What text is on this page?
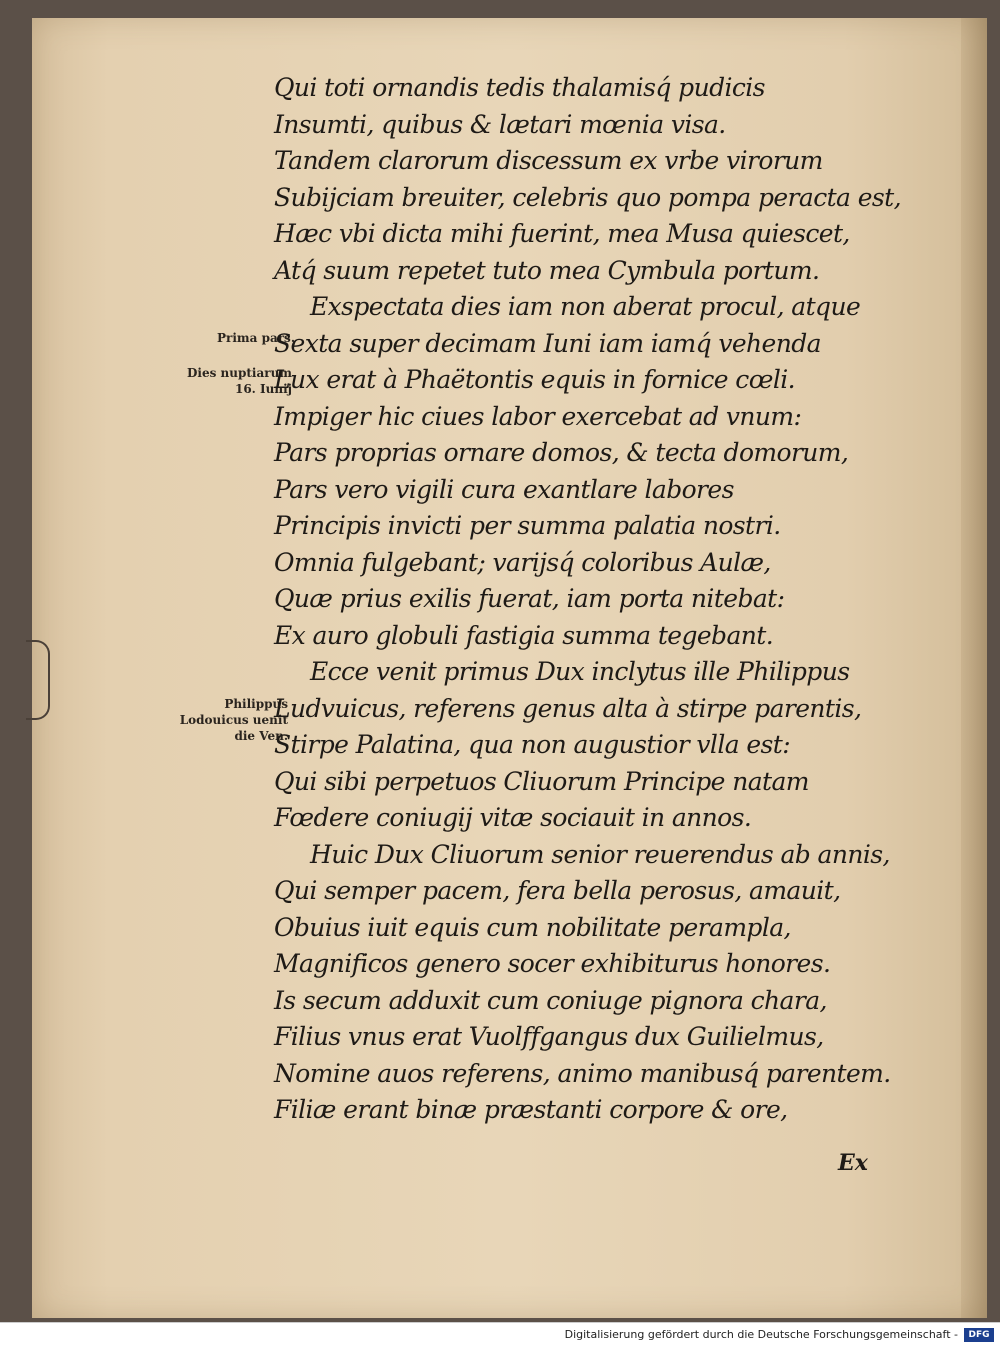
Prima pars.
Dies nuptiarum 16. Iunij
Philippus Lodouicus uenit die Ven.
Qui toti ornandis tedis thalamisq́ pudicis
Insumti, quibus & lætari mœnia visa.
Tandem clarorum discessum ex vrbe virorum
Subijciam breuiter, celebris quo pompa peracta est,
Hæc vbi dicta mihi fuerint, mea Musa quiescet,
Atq́ suum repetet tuto mea Cymbula portum.
Exspectata dies iam non aberat procul, atque
Sexta super decimam Iuni iam iamq́ vehenda
Lux erat à Phaëtontis equis in fornice cœli.
Impiger hic ciues labor exercebat ad vnum:
Pars proprias ornare domos, & tecta domorum,
Pars vero vigili cura exantlare labores
Principis invicti per summa palatia nostri.
Omnia fulgebant; varijsq́ coloribus Aulæ,
Quæ prius exilis fuerat, iam porta nitebat:
Ex auro globuli fastigia summa tegebant.
Ecce venit primus Dux inclytus ille Philippus
Ludvuicus, referens genus alta à stirpe parentis,
Stirpe Palatina, qua non augustior vlla est:
Qui sibi perpetuos Cliuorum Principe natam
Fœdere coniugij vitæ sociauit in annos.
Huic Dux Cliuorum senior reuerendus ab annis,
Qui semper pacem, fera bella perosus, amauit,
Obuius iuit equis cum nobilitate perampla,
Magnificos genero socer exhibiturus honores.
Is secum adduxit cum coniuge pignora chara,
Filius vnus erat Vuolffgangus dux Guilielmus,
Nomine auos referens, animo manibusq́ parentem.
Filiæ erant binæ præstanti corpore & ore,
Ex
Digitalisierung gefördert durch die Deutsche Forschungsgemeinschaft -	DFG
